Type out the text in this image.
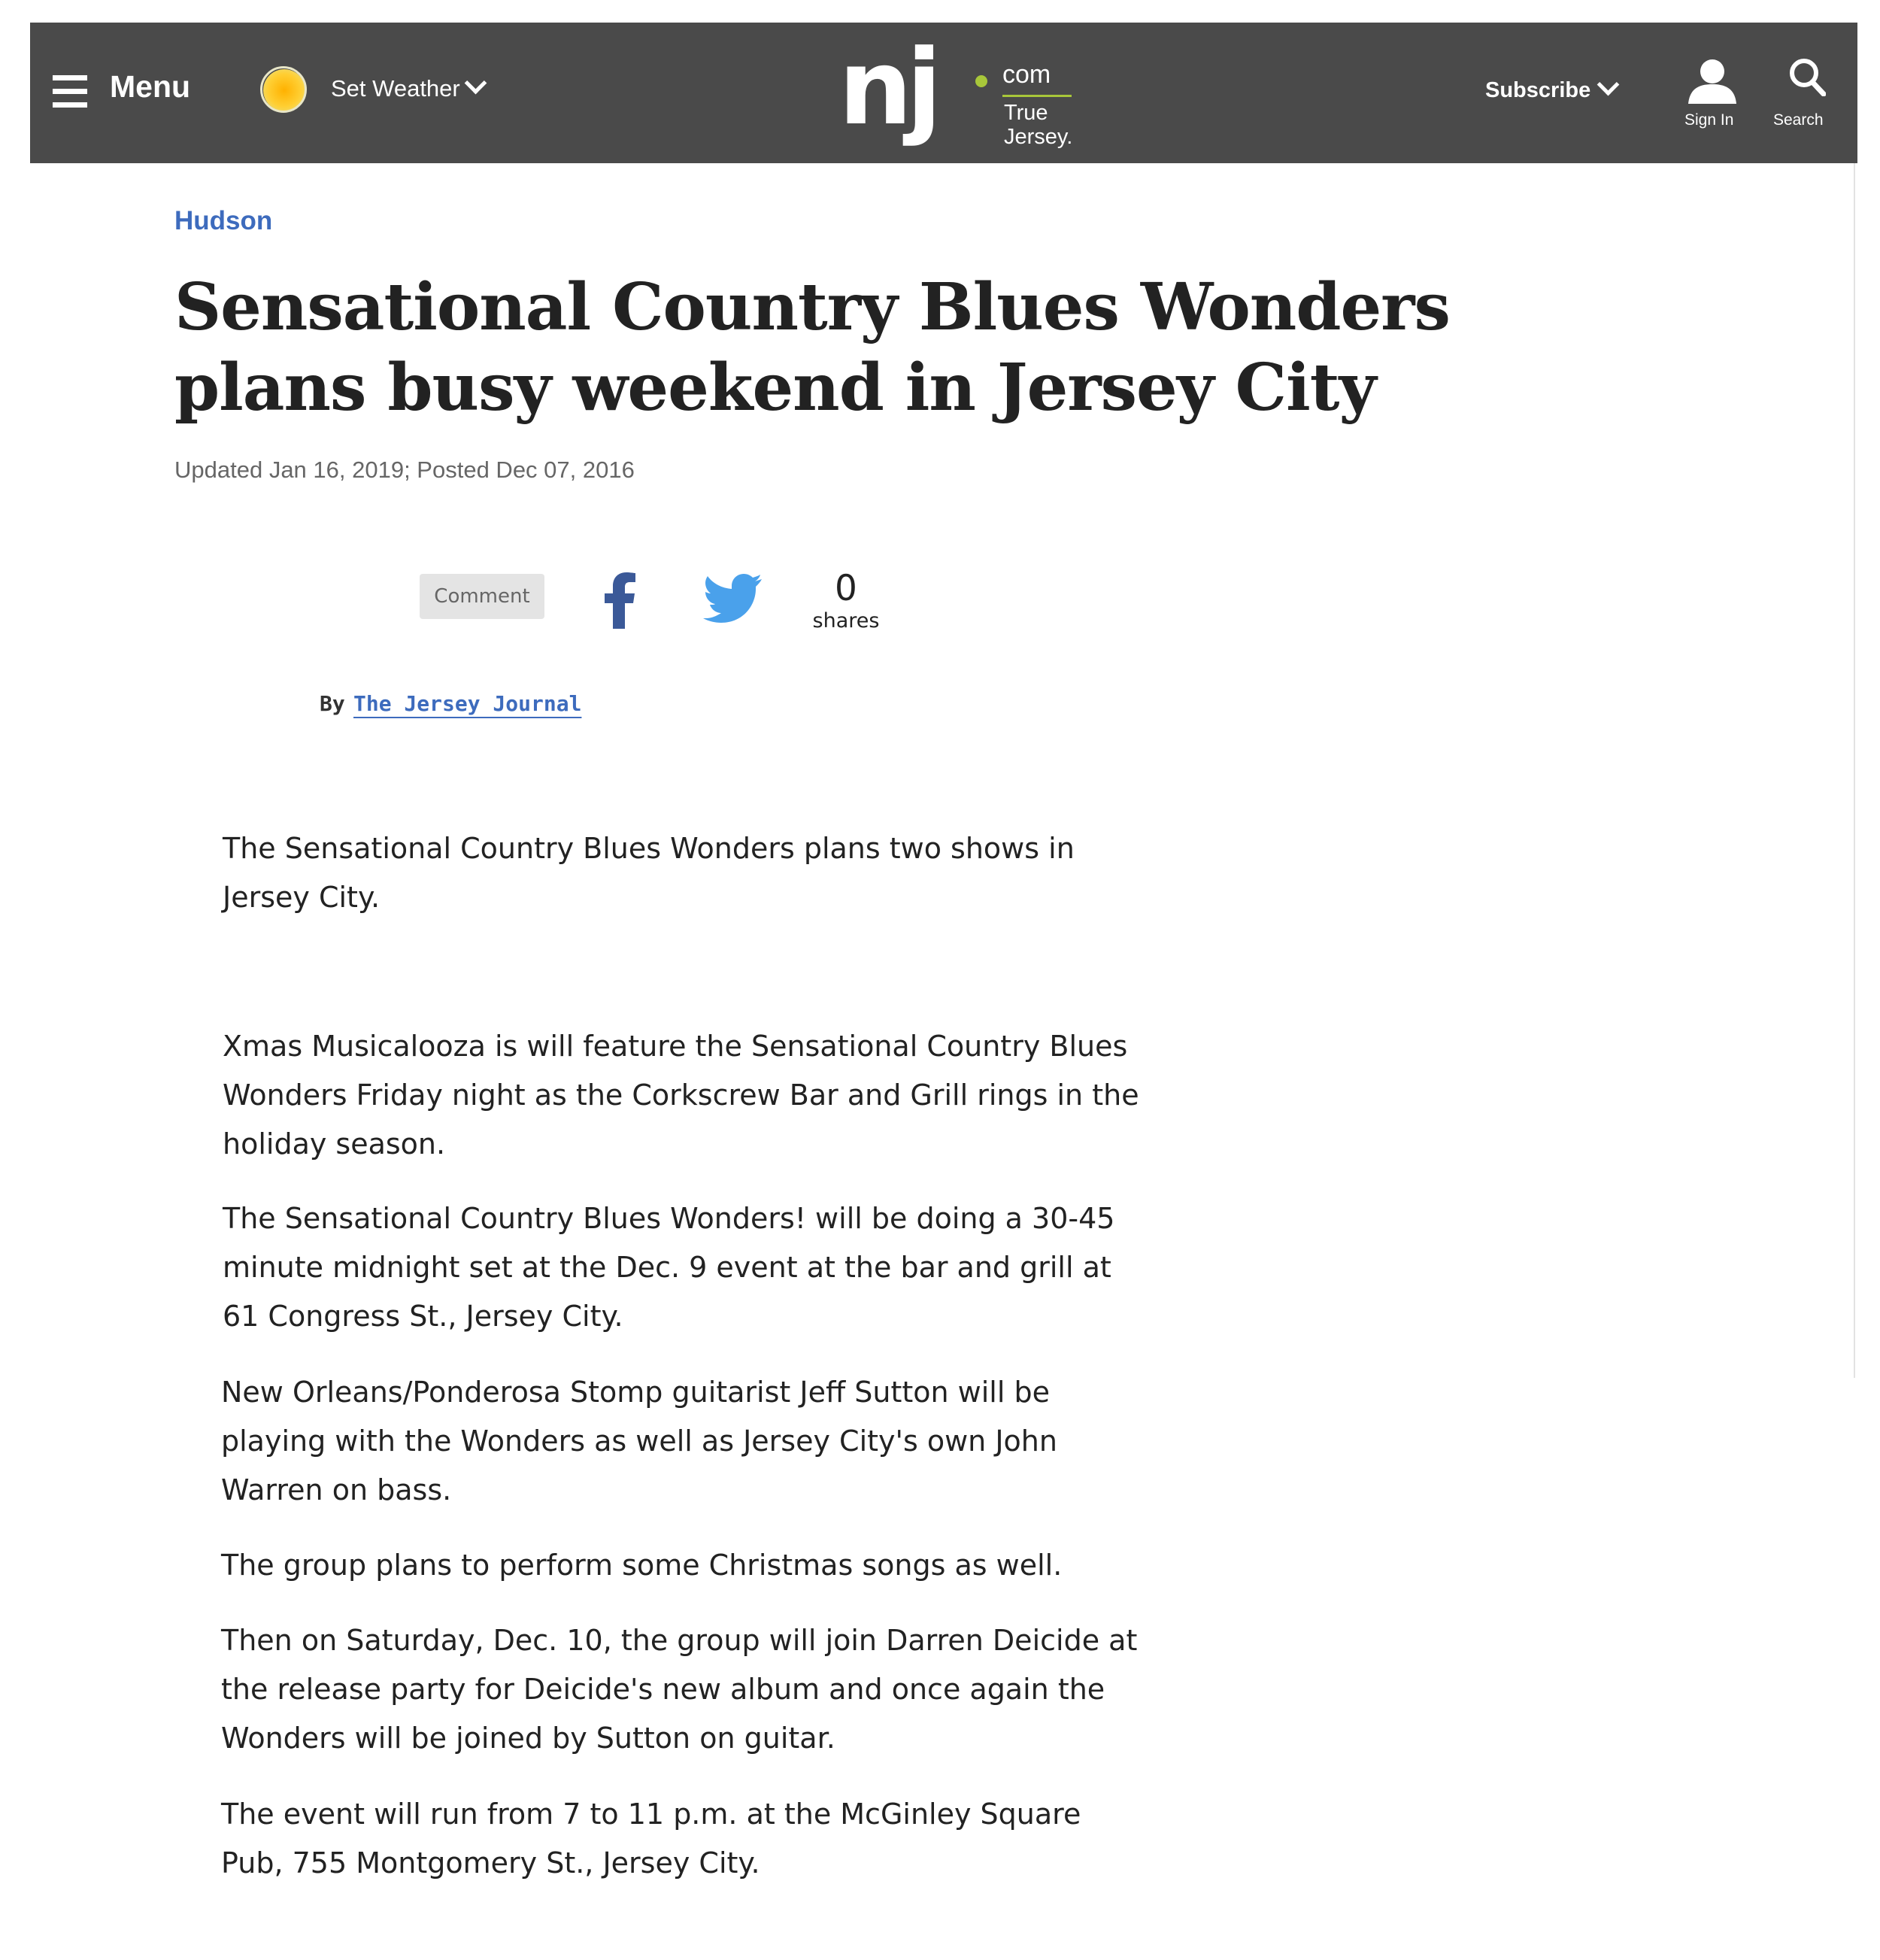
Menu	Set Weather	nj	com
True
Jersey.
Subscribe
Sign In	Search
Hudson
Sensational Country Blues Wonders plans busy weekend in Jersey City
Updated Jan 16, 2019; Posted Dec 07, 2016
Comment	0
shares
By The Jersey Journal

The Sensational Country Blues Wonders plans two shows in Jersey City.

Xmas Musicalooza is will feature the Sensational Country Blues Wonders Friday night as the Corkscrew Bar and Grill rings in the holiday season.

The Sensational Country Blues Wonders! will be doing a 30-45 minute midnight set at the Dec. 9 event at the bar and grill at 61 Congress St., Jersey City.

New Orleans/Ponderosa Stomp guitarist Jeff Sutton will be playing with the Wonders as well as Jersey City's own John Warren on bass.

The group plans to perform some Christmas songs as well.

Then on Saturday, Dec. 10, the group will join Darren Deicide at the release party for Deicide's new album and once again the Wonders will be joined by Sutton on guitar.

The event will run from 7 to 11 p.m. at the McGinley Square Pub, 755 Montgomery St., Jersey City.
